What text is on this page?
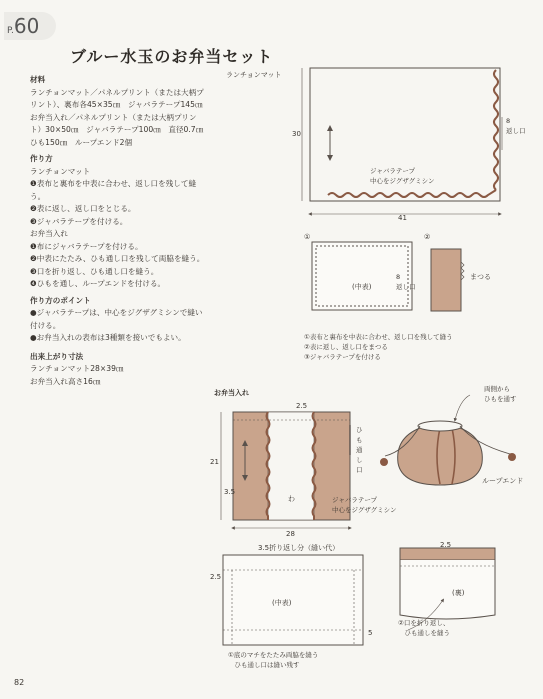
P.60
ブルー水玉のお弁当セット

材料

ランチョンマット／パネルプリント（または大柄プリント）、裏布各45×35㎝　ジャバラテープ145㎝
お弁当入れ／パネルプリント（または大柄プリント）30×50㎝　ジャバラテープ100㎝　直径0.7㎝ひも150㎝　ループエンド2個

作り方

ランチョンマット

❶表布と裏布を中表に合わせ、返し口を残して縫う。
❷表に返し、返し口をとじる。
❸ジャバラテープを付ける。

お弁当入れ

❶布にジャバラテープを付ける。
❷中表にたたみ、ひも通し口を残して両脇を縫う。
❸口を折り返し、ひも通し口を縫う。
❹ひもを通し、ループエンドを付ける。

作り方のポイント

●ジャバラテープは、中心をジグザグミシンで縫い付ける。
●お弁当入れの表布は3種類を接いでもよい。

出来上がり寸法

ランチョンマット28×39㎝
お弁当入れ高さ16㎝

ランチョンマット
30
41
8
返し口
ジャバラテープ
中心をジグザグミシン
①	②
(中表)
8
返し口
まつる
①表布と裏布を中表に合わせ、返し口を残して縫う
②表に返し、返し口をまつる
③ジャバラテープを付ける
お弁当入れ
2.5
21
3.5
わ
28
ひも通し口
ジャバラテープ
中心をジグザグミシン
両側から
ひもを通す
ループエンド
3.5折り返し分（縫い代）
2.5
5
(中表)
(裏)
2.5
①底のマチをたたみ両脇を縫う
　ひも通し口は縫い残す
②口を折り返し、
　ひも通しを縫う
82
